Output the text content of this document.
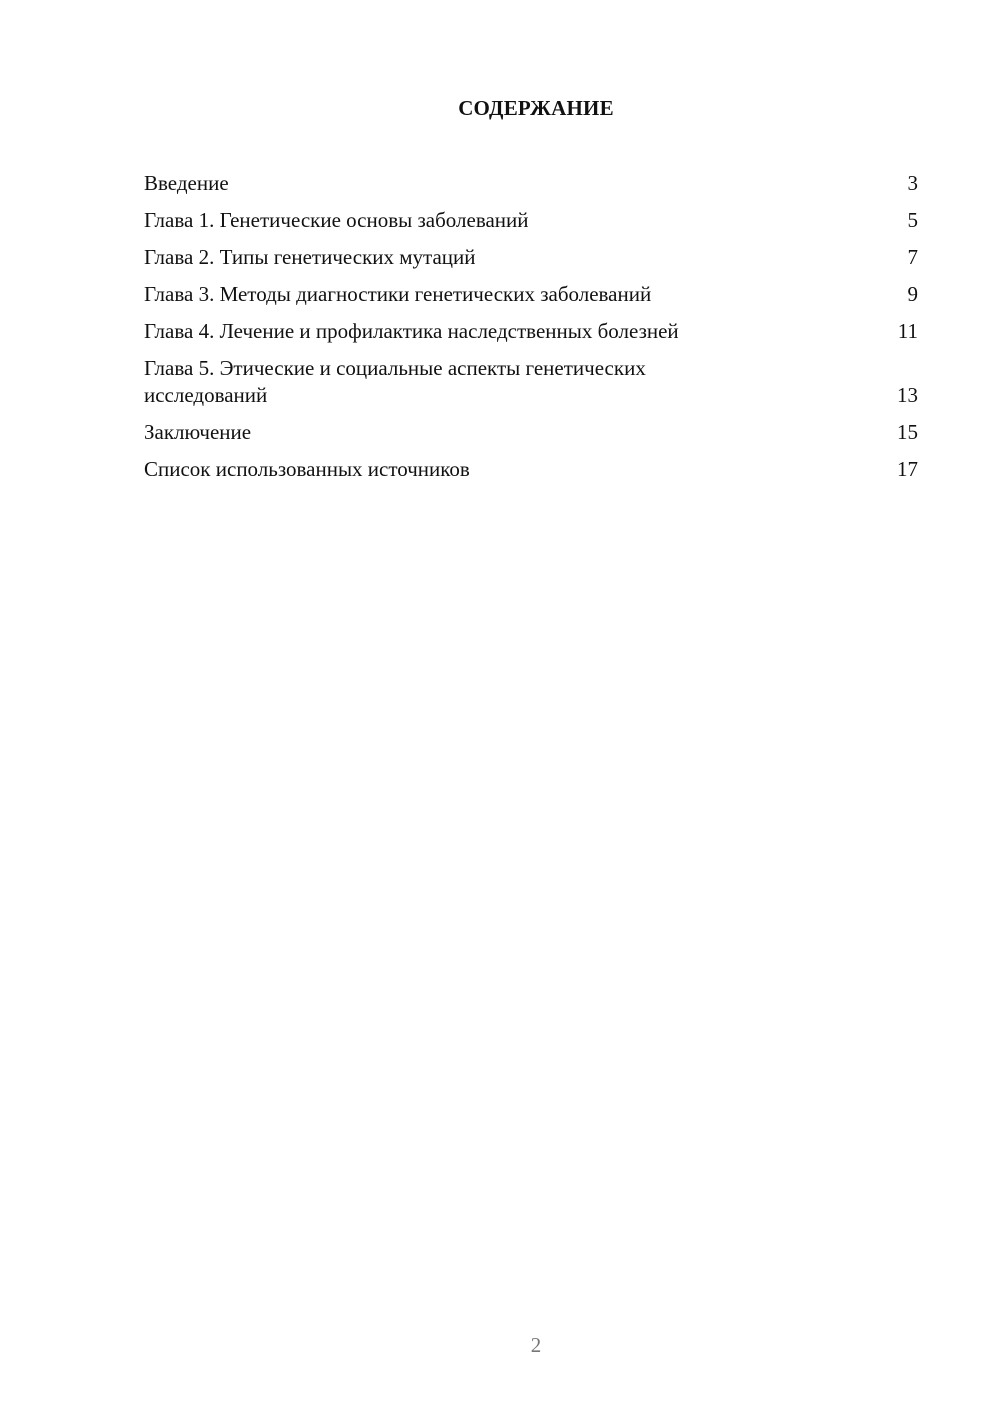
СОДЕРЖАНИЕ
Введение	3
Глава 1. Генетические основы заболеваний	5
Глава 2. Типы генетических мутаций	7
Глава 3. Методы диагностики генетических заболеваний	9
Глава 4. Лечение и профилактика наследственных болезней	11
Глава 5. Этические и социальные аспекты генетических
исследований	13
Заключение	15
Список использованных источников	17
2
